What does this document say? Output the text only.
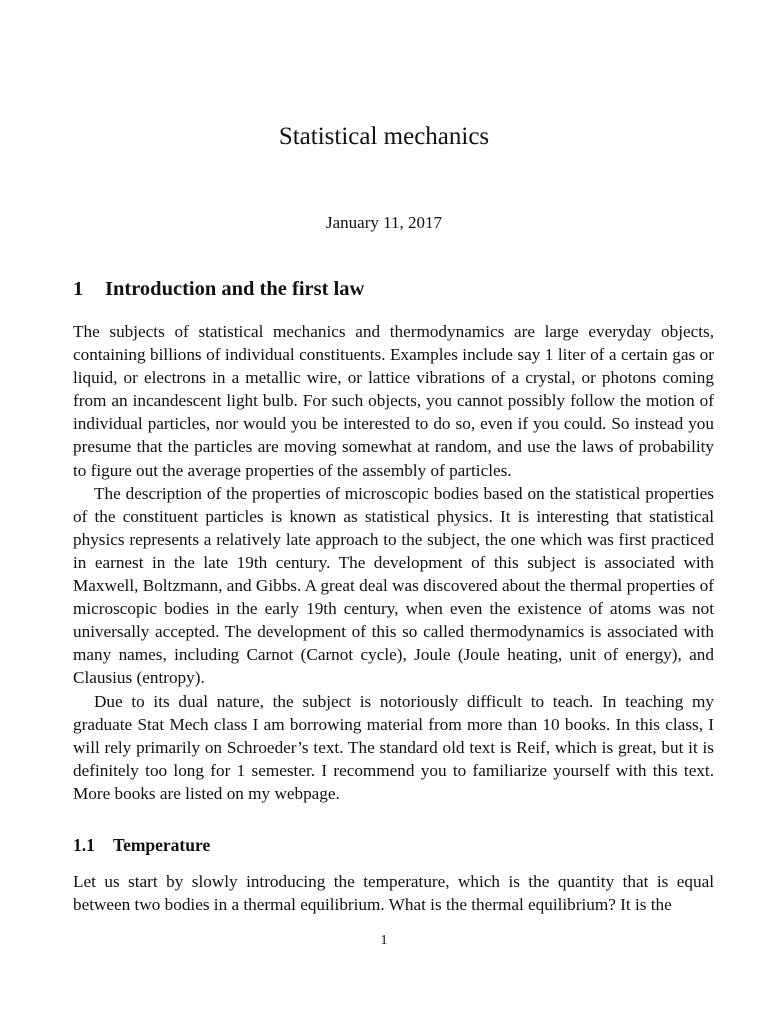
Statistical mechanics
January 11, 2017
1 Introduction and the first law

The subjects of statistical mechanics and thermodynamics are large everyday objects, containing billions of individual constituents. Examples include say 1 liter of a certain gas or liquid, or electrons in a metallic wire, or lattice vibrations of a crystal, or photons coming from an incandescent light bulb. For such objects, you cannot possibly follow the motion of individual particles, nor would you be interested to do so, even if you could. So instead you presume that the particles are moving somewhat at random, and use the laws of probability to figure out the average properties of the assembly of particles.

The description of the properties of microscopic bodies based on the statistical properties of the constituent particles is known as statistical physics. It is interesting that statistical physics represents a relatively late approach to the subject, the one which was first practiced in earnest in the late 19th century. The development of this subject is associated with Maxwell, Boltzmann, and Gibbs. A great deal was discovered about the thermal properties of microscopic bodies in the early 19th century, when even the existence of atoms was not universally accepted. The development of this so called thermodynamics is associated with many names, including Carnot (Carnot cycle), Joule (Joule heating, unit of energy), and Clausius (entropy).

Due to its dual nature, the subject is notoriously difficult to teach. In teaching my graduate Stat Mech class I am borrowing material from more than 10 books. In this class, I will rely primarily on Schroeder’s text. The standard old text is Reif, which is great, but it is definitely too long for 1 semester. I recommend you to familiarize yourself with this text. More books are listed on my webpage.

1.1 Temperature

Let us start by slowly introducing the temperature, which is the quantity that is equal between two bodies in a thermal equilibrium. What is the thermal equilibrium? It is the

1
